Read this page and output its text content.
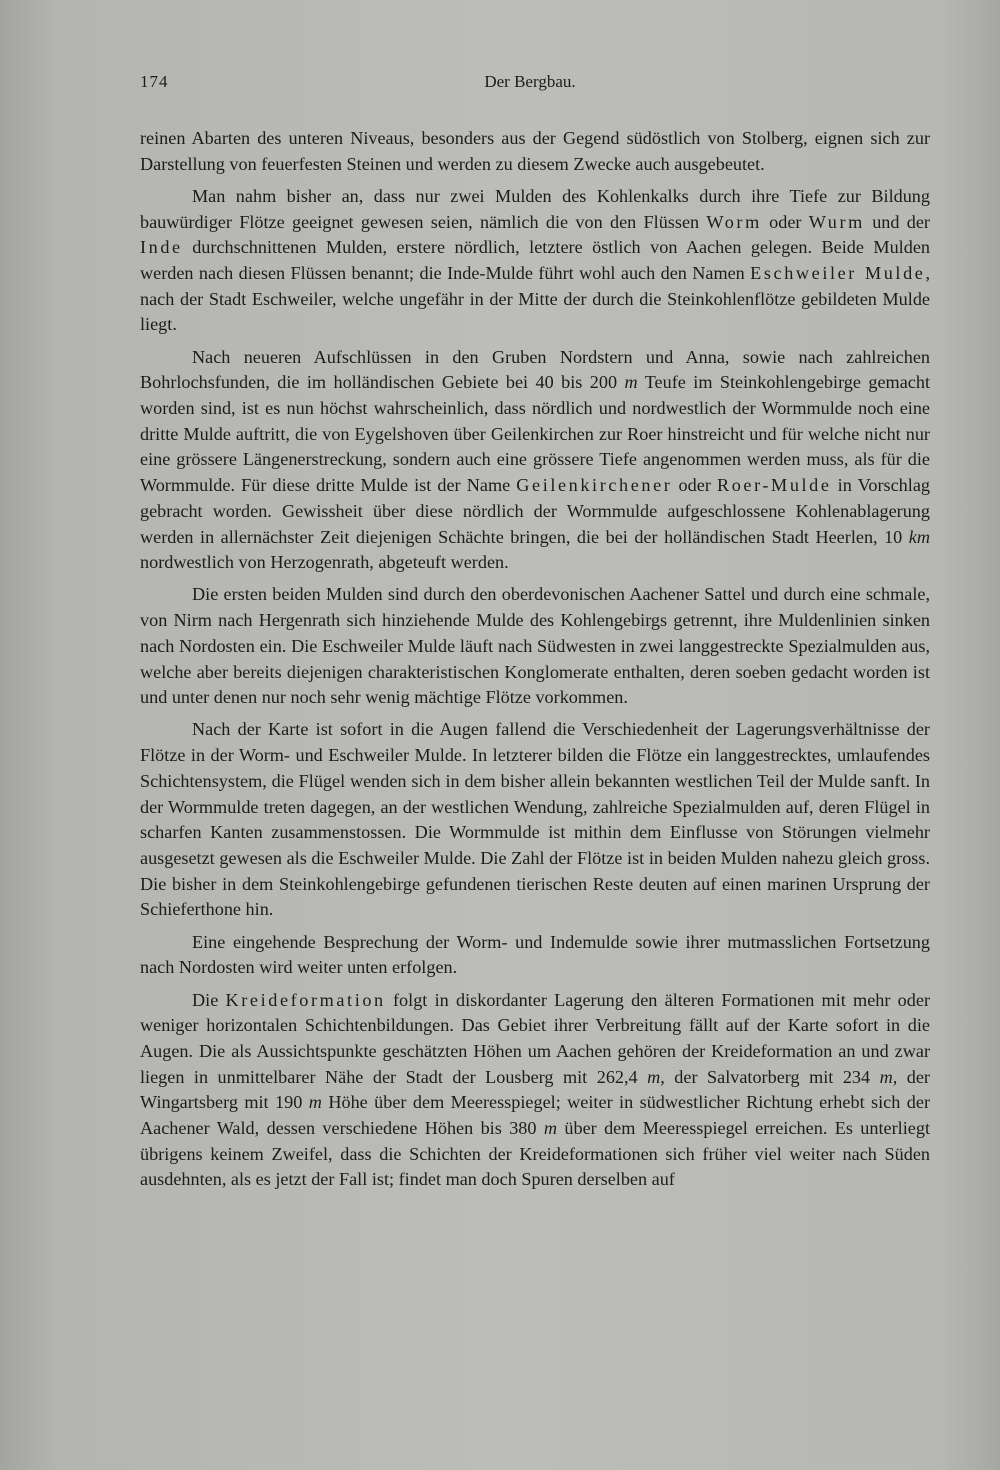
174	Der Bergbau.

reinen Abarten des unteren Niveaus, besonders aus der Gegend südöstlich von Stolberg, eignen sich zur Darstellung von feuerfesten Steinen und werden zu diesem Zwecke auch ausgebeutet.

Man nahm bisher an, dass nur zwei Mulden des Kohlenkalks durch ihre Tiefe zur Bildung bauwürdiger Flötze geeignet gewesen seien, nämlich die von den Flüssen Worm oder Wurm und der Inde durchschnittenen Mulden, erstere nördlich, letztere östlich von Aachen gelegen. Beide Mulden werden nach diesen Flüssen benannt; die Inde-Mulde führt wohl auch den Namen Eschweiler Mulde, nach der Stadt Eschweiler, welche ungefähr in der Mitte der durch die Steinkohlenflötze gebildeten Mulde liegt.

Nach neueren Aufschlüssen in den Gruben Nordstern und Anna, sowie nach zahlreichen Bohrlochsfunden, die im holländischen Gebiete bei 40 bis 200 m Teufe im Steinkohlengebirge gemacht worden sind, ist es nun höchst wahrscheinlich, dass nördlich und nordwestlich der Wormmulde noch eine dritte Mulde auftritt, die von Eygelshoven über Geilenkirchen zur Roer hinstreicht und für welche nicht nur eine grössere Längenerstreckung, sondern auch eine grössere Tiefe angenommen werden muss, als für die Wormmulde. Für diese dritte Mulde ist der Name Geilenkirchener oder Roer-Mulde in Vorschlag gebracht worden. Gewissheit über diese nördlich der Wormmulde aufgeschlossene Kohlenablagerung werden in allernächster Zeit diejenigen Schächte bringen, die bei der holländischen Stadt Heerlen, 10 km nordwestlich von Herzogenrath, abgeteuft werden.

Die ersten beiden Mulden sind durch den oberdevonischen Aachener Sattel und durch eine schmale, von Nirm nach Hergenrath sich hinziehende Mulde des Kohlengebirgs getrennt, ihre Muldenlinien sinken nach Nordosten ein. Die Eschweiler Mulde läuft nach Südwesten in zwei langgestreckte Spezialmulden aus, welche aber bereits diejenigen charakteristischen Konglomerate enthalten, deren soeben gedacht worden ist und unter denen nur noch sehr wenig mächtige Flötze vorkommen.

Nach der Karte ist sofort in die Augen fallend die Verschiedenheit der Lagerungsverhältnisse der Flötze in der Worm- und Eschweiler Mulde. In letzterer bilden die Flötze ein langgestrecktes, umlaufendes Schichtensystem, die Flügel wenden sich in dem bisher allein bekannten westlichen Teil der Mulde sanft. In der Wormmulde treten dagegen, an der westlichen Wendung, zahlreiche Spezialmulden auf, deren Flügel in scharfen Kanten zusammenstossen. Die Wormmulde ist mithin dem Einflusse von Störungen vielmehr ausgesetzt gewesen als die Eschweiler Mulde. Die Zahl der Flötze ist in beiden Mulden nahezu gleich gross. Die bisher in dem Steinkohlengebirge gefundenen tierischen Reste deuten auf einen marinen Ursprung der Schieferthone hin.

Eine eingehende Besprechung der Worm- und Indemulde sowie ihrer mutmasslichen Fortsetzung nach Nordosten wird weiter unten erfolgen.

Die Kreideformation folgt in diskordanter Lagerung den älteren Formationen mit mehr oder weniger horizontalen Schichtenbildungen. Das Gebiet ihrer Verbreitung fällt auf der Karte sofort in die Augen. Die als Aussichtspunkte geschätzten Höhen um Aachen gehören der Kreideformation an und zwar liegen in unmittelbarer Nähe der Stadt der Lousberg mit 262,4 m, der Salvatorberg mit 234 m, der Wingartsberg mit 190 m Höhe über dem Meeresspiegel; weiter in südwestlicher Richtung erhebt sich der Aachener Wald, dessen verschiedene Höhen bis 380 m über dem Meeresspiegel erreichen. Es unterliegt übrigens keinem Zweifel, dass die Schichten der Kreideformationen sich früher viel weiter nach Süden ausdehnten, als es jetzt der Fall ist; findet man doch Spuren derselben auf
